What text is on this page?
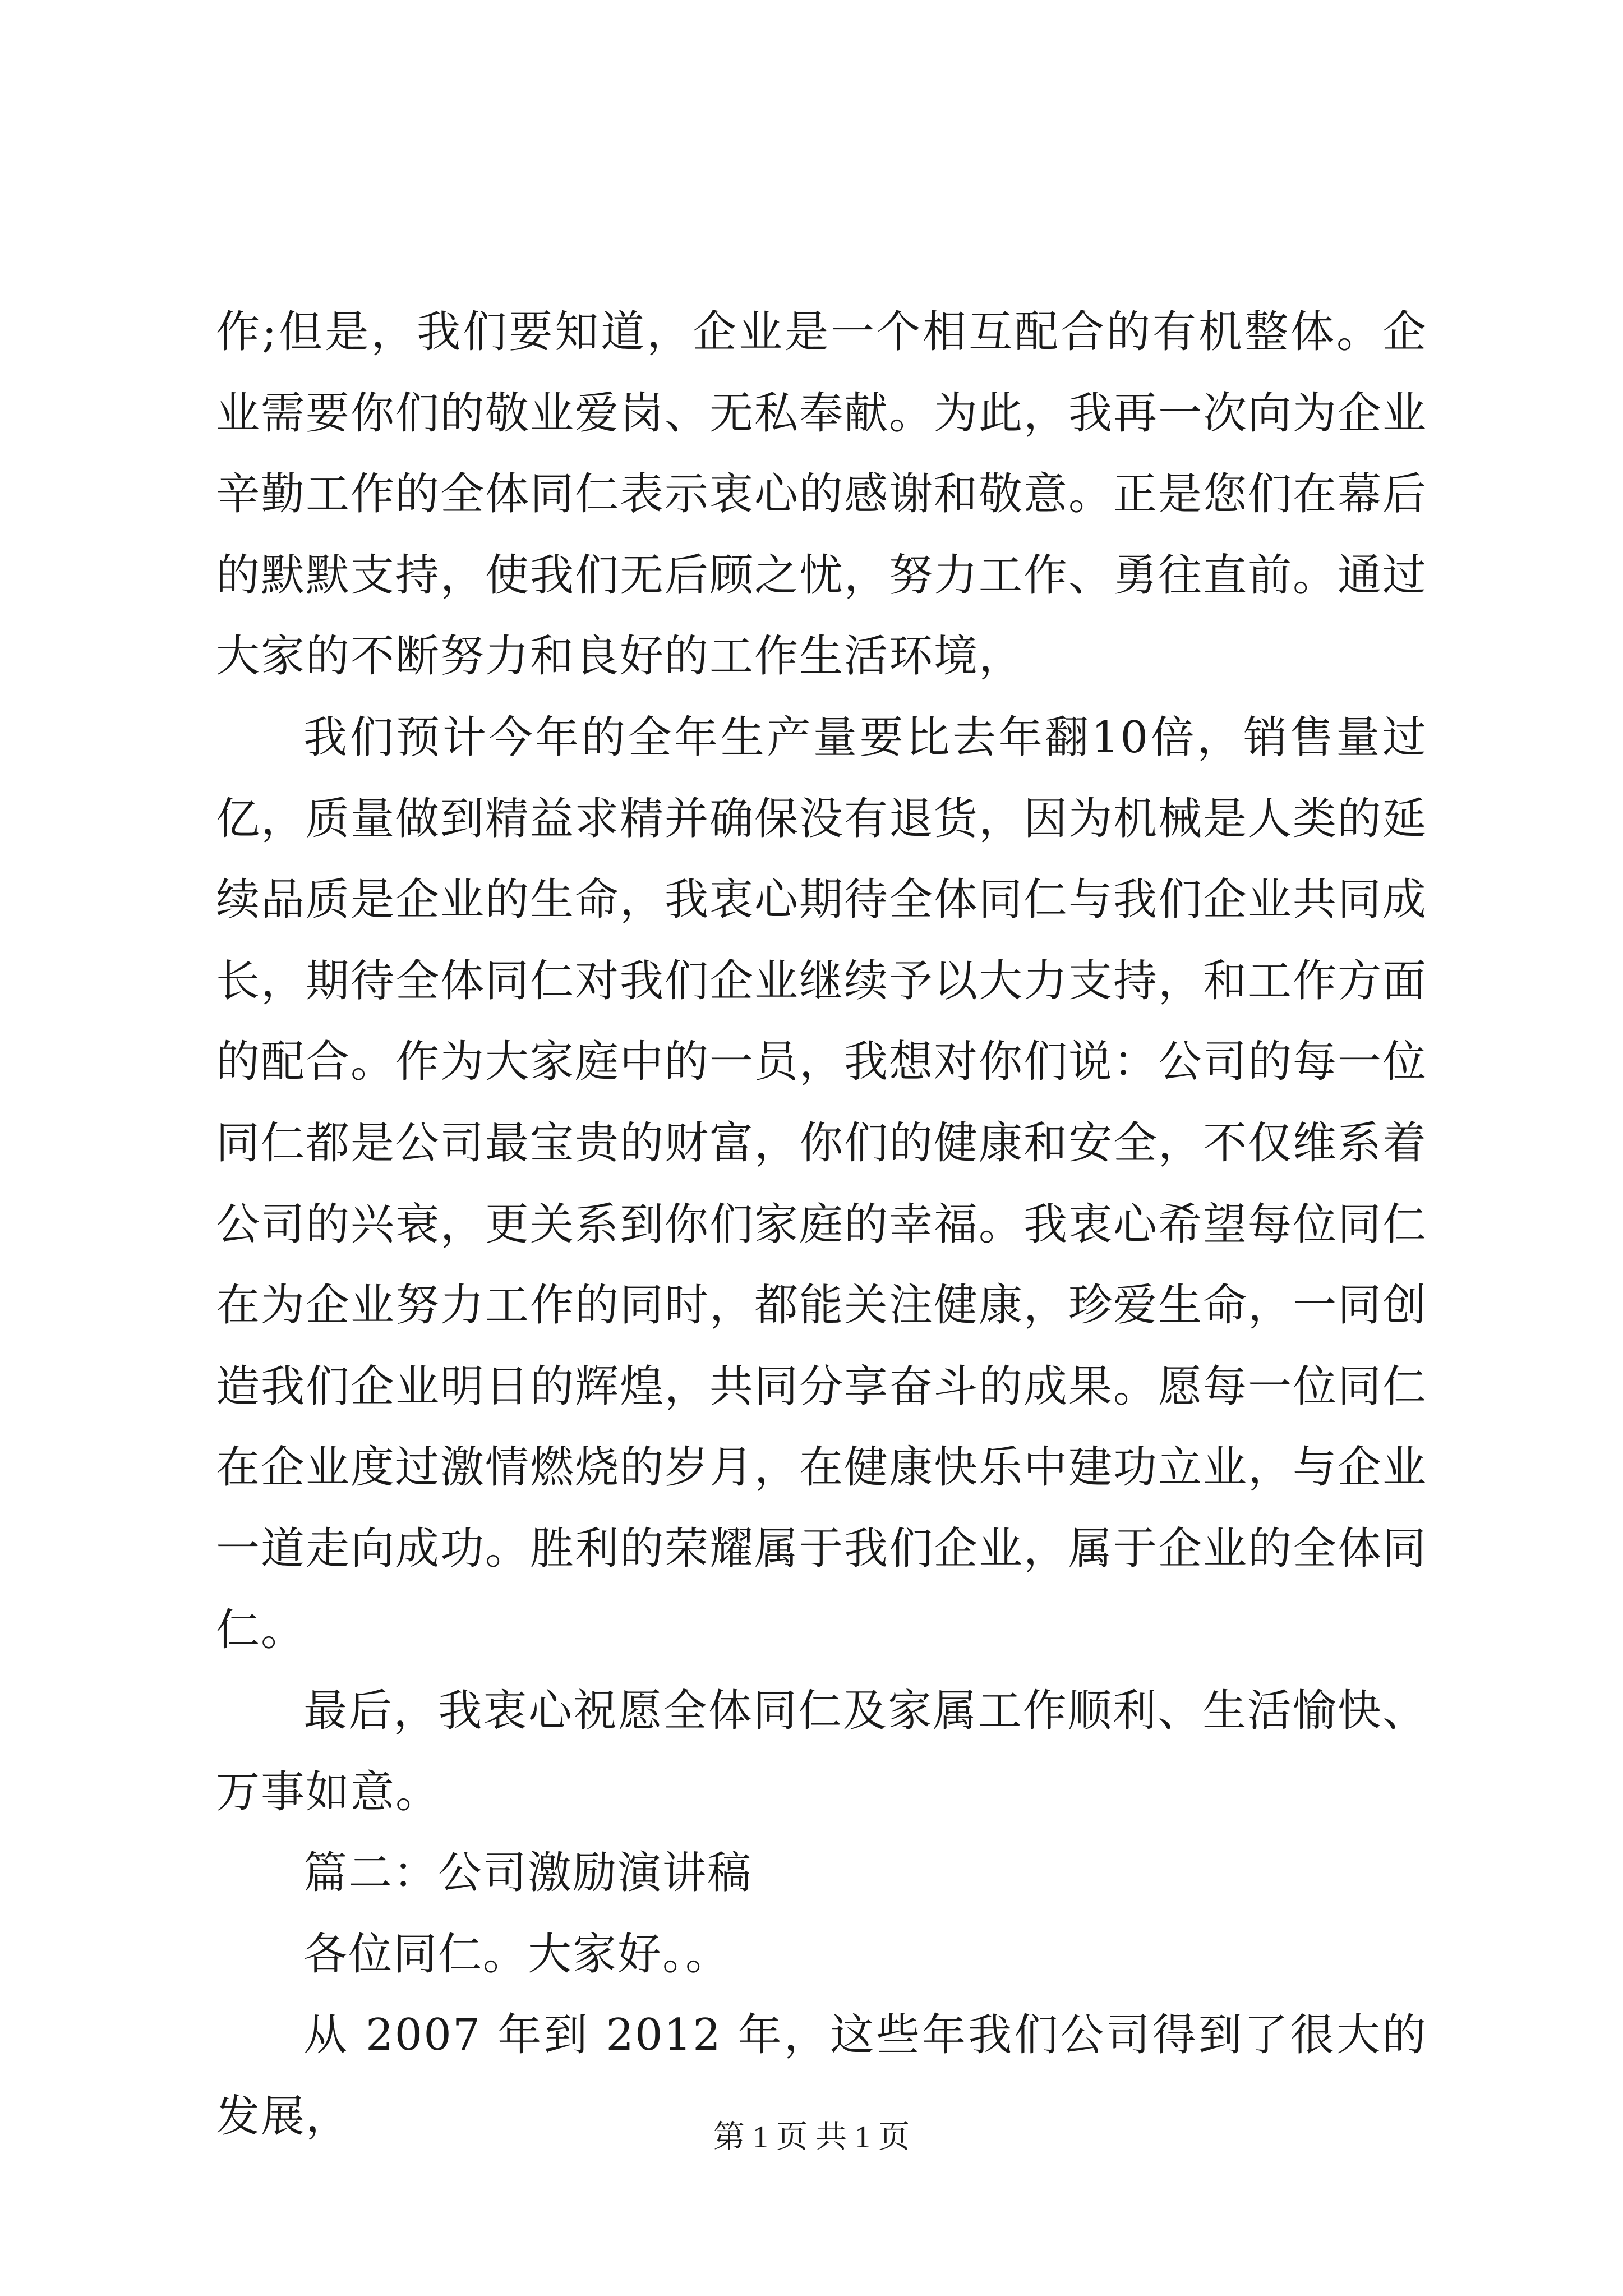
作;但是，我们要知道，企业是一个相互配合的有机整体。企业需要你们的敬业爱岗、无私奉献。为此，我再一次向为企业辛勤工作的全体同仁表示衷心的感谢和敬意。正是您们在幕后的默默支持，使我们无后顾之忧，努力工作、勇往直前。通过大家的不断努力和良好的工作生活环境，

我们预计今年的全年生产量要比去年翻10倍，销售量过亿，质量做到精益求精并确保没有退货，因为机械是人类的延续品质是企业的生命，我衷心期待全体同仁与我们企业共同成长，期待全体同仁对我们企业继续予以大力支持，和工作方面的配合。作为大家庭中的一员，我想对你们说：公司的每一位同仁都是公司最宝贵的财富，你们的健康和安全，不仅维系着公司的兴衰，更关系到你们家庭的幸福。我衷心希望每位同仁在为企业努力工作的同时，都能关注健康，珍爱生命，一同创造我们企业明日的辉煌，共同分享奋斗的成果。愿每一位同仁在企业度过激情燃烧的岁月，在健康快乐中建功立业，与企业一道走向成功。胜利的荣耀属于我们企业，属于企业的全体同仁。

最后，我衷心祝愿全体同仁及家属工作顺利、生活愉快、万事如意。

篇二：公司激励演讲稿

各位同仁。大家好。。

从 2007 年到 2012 年，这些年我们公司得到了很大的发展，	第 1 页 共 1 页
